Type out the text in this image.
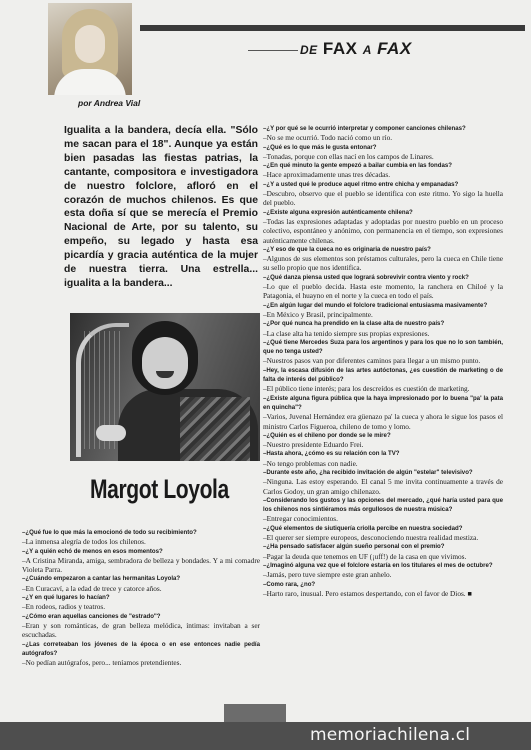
por Andrea Vial
DE FAX A FAX
Igualita a la bandera, decía ella. "Sólo me sacan para el 18". Aunque ya están bien pasadas las fiestas patrias, la cantante, compositora e investigadora de nuestro folclore, afloró en el corazón de muchos chilenos. Es que esta doña sí que se merecía el Premio Nacional de Arte, por su talento, su empeño, su legado y hasta esa picardía y gracia auténtica de la mujer de nuestra tierra. Una estrella... igualita a la bandera...
Margot Loyola

–¿Qué fue lo que más la emocionó de todo su recibimiento?

–La inmensa alegría de todos los chilenos.

–¿Y a quién echó de menos en esos momentos?

–A Cristina Miranda, amiga, sembradora de belleza y bondades. Y a mi comadre Violeta Parra.

–¿Cuándo empezaron a cantar las hermanitas Loyola?

–En Curacaví, a la edad de trece y catorce años.

–¿Y en qué lugares lo hacían?

–En rodeos, radios y teatros.

–¿Cómo eran aquellas canciones de "estrado"?

–Eran y son románticas, de gran belleza melódica, íntimas: invitaban a ser escuchadas.

–¿Las correteaban los jóvenes de la época o en ese entonces nadie pedía autógrafos?

–No pedían autógrafos, pero... teníamos pretendientes.

–¿Y por qué se le ocurrió interpretar y componer canciones chilenas?

–No se me ocurrió. Todo nació como un río.

–¿Qué es lo que más le gusta entonar?

–Tonadas, porque con ellas nací en los campos de Linares.

–¿En qué minuto la gente empezó a bailar cumbia en las fondas?

–Hace aproximadamente unas tres décadas.

–¿Y a usted qué le produce aquel ritmo entre chicha y empanadas?

–Descubro, observo que el pueblo se identifica con este ritmo. Yo sigo la huella del pueblo.

–¿Existe alguna expresión auténticamente chilena?

–Todas las expresiones adaptadas y adoptadas por nuestro pueblo en un proceso colectivo, espontáneo y anónimo, con permanencia en el tiempo, son expresiones auténticamente chilenas.

–¿Y eso de que la cueca no es originaria de nuestro país?

–Algunos de sus elementos son préstamos culturales, pero la cueca en Chile tiene su sello propio que nos identifica.

–¿Qué danza piensa usted que logrará sobrevivir contra viento y rock?

–Lo que el pueblo decida. Hasta este momento, la ranchera en Chiloé y la Patagonia, el huayno en el norte y la cueca en todo el país.

–¿En algún lugar del mundo el folclore tradicional entusiasma masivamente?

–En México y Brasil, principalmente.

–¿Por qué nunca ha prendido en la clase alta de nuestro país?

–La clase alta ha tenido siempre sus propias expresiones.

–¿Qué tiene Mercedes Suza para los argentinos y para los que no lo son también, que no tenga usted?

–Nuestros pasos van por diferentes caminos para llegar a un mismo punto.

–Hey, la escasa difusión de las artes autóctonas, ¿es cuestión de marketing o de falta de interés del público?

–El público tiene interés; para los descreídos es cuestión de marketing.

–¿Existe alguna figura pública que la haya impresionado por lo buena "pa' la pata en quincha"?

–Varios, Juvenal Hernández era güenazo pa' la cueca y ahora le sigue los pasos el ministro Carlos Figueroa, chileno de tomo y lomo.

–¿Quién es el chileno por donde se le mire?

–Nuestro presidente Eduardo Frei.

–Hasta ahora, ¿cómo es su relación con la TV?

–No tengo problemas con nadie.

–Durante este año, ¿ha recibido invitación de algún "estelar" televisivo?

–Ninguna. Las estoy esperando. El canal 5 me invita continuamente a través de Carlos Godoy, un gran amigo chilenazo.

–Considerando los gustos y las opciones del mercado, ¿qué haría usted para que los chilenos nos sintiéramos más orgullosos de nuestra música?

–Entregar conocimientos.

–¿Qué elementos de siutiquería criolla percibe en nuestra sociedad?

–El querer ser siempre europeos, desconociendo nuestra realidad mestiza.

–¿Ha pensado satisfacer algún sueño personal con el premio?

–Pagar la deuda que tenemos en UF (¡uff!) de la casa en que vivimos.

–¿Imaginó alguna vez que el folclore estaría en los titulares el mes de octubre?

–Jamás, pero tuve siempre este gran anhelo.

–Como rara, ¿no?

–Harto raro, inusual. Pero estamos despertando, con el favor de Dios. ■

memoriachilena.cl
